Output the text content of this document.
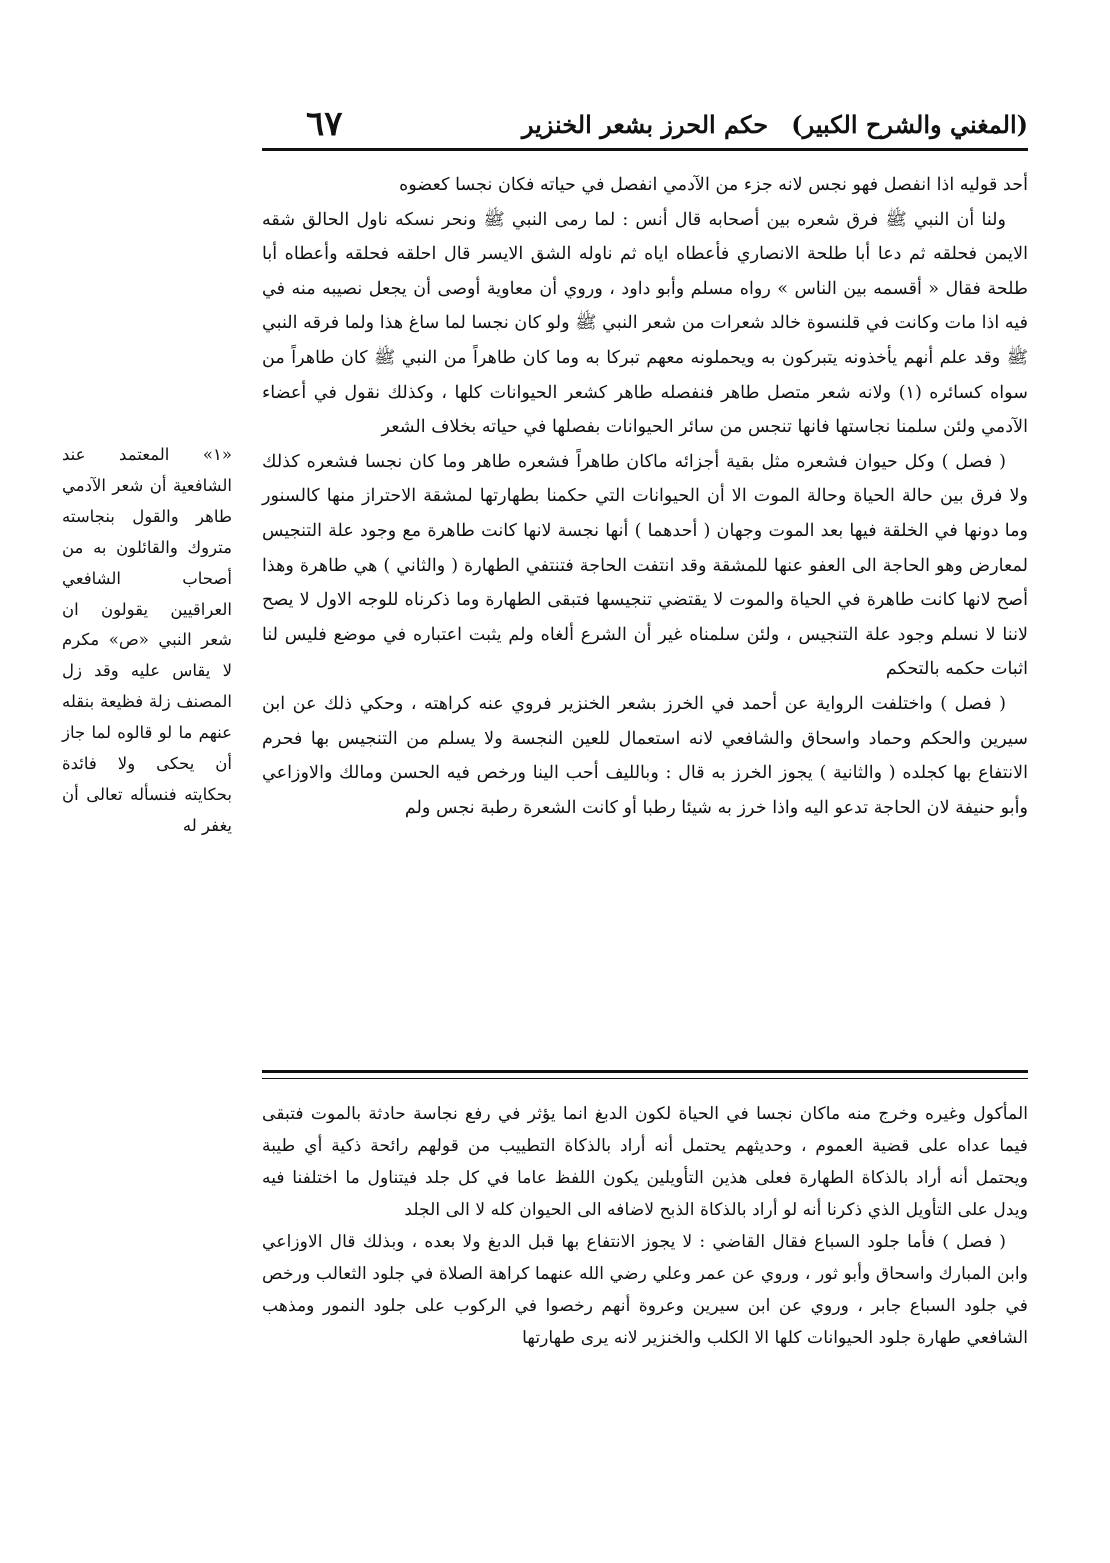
(المغني والشرح الكبير)
حكم الحرز بشعر الخنزير
٦٧

أحد قوليه اذا انفصل فهو نجس لانه جزء من الآدمي انفصل في حياته فكان نجسا كعضوه

ولنا أن النبي ﷺ فرق شعره بين أصحابه قال أنس : لما رمى النبي ﷺ ونحر نسكه ناول الحالق شقه الايمن فحلقه ثم دعا أبا طلحة الانصاري فأعطاه اياه ثم ناوله الشق الايسر قال احلقه فحلقه وأعطاه أبا طلحة فقال « أقسمه بين الناس » رواه مسلم وأبو داود ، وروي أن معاوية أوصى أن يجعل نصيبه منه في فيه اذا مات وكانت في قلنسوة خالد شعرات من شعر النبي ﷺ ولو كان نجسا لما ساغ هذا ولما فرقه النبي ﷺ وقد علم أنهم يأخذونه يتبركون به ويحملونه معهم تبركا به وما كان طاهراً من النبي ﷺ كان طاهراً من سواه كسائره (١) ولانه شعر متصل طاهر فنفصله طاهر كشعر الحيوانات كلها ، وكذلك نقول في أعضاء الآدمي ولئن سلمنا نجاستها فانها تنجس من سائر الحيوانات بفصلها في حياته بخلاف الشعر

( فصل ) وكل حيوان فشعره مثل بقية أجزائه ماكان طاهراً فشعره طاهر وما كان نجسا فشعره كذلك ولا فرق بين حالة الحياة وحالة الموت الا أن الحيوانات التي حكمنا بطهارتها لمشقة الاحتراز منها كالسنور وما دونها في الخلقة فيها بعد الموت وجهان ( أحدهما ) أنها نجسة لانها كانت طاهرة مع وجود علة التنجيس لمعارض وهو الحاجة الى العفو عنها للمشقة وقد انتفت الحاجة فتنتفي الطهارة ( والثاني ) هي طاهرة وهذا أصح لانها كانت طاهرة في الحياة والموت لا يقتضي تنجيسها فتبقى الطهارة وما ذكرناه للوجه الاول لا يصح لاننا لا نسلم وجود علة التنجيس ، ولئن سلمناه غير أن الشرع ألغاه ولم يثبت اعتباره في موضع فليس لنا اثبات حكمه بالتحكم

( فصل ) واختلفت الرواية عن أحمد في الخرز بشعر الخنزير فروي عنه كراهته ، وحكي ذلك عن ابن سيرين والحكم وحماد واسحاق والشافعي لانه استعمال للعين النجسة ولا يسلم من التنجيس بها فحرم الانتفاع بها كجلده ( والثانية ) يجوز الخرز به قال : وبالليف أحب الينا ورخص فيه الحسن ومالك والاوزاعي وأبو حنيفة لان الحاجة تدعو اليه واذا خرز به شيئا رطبا أو كانت الشعرة رطبة نجس ولم

«١» المعتمد عند الشافعية أن شعر الآدمي طاهر والقول بنجاسته متروك والقائلون به من أصحاب الشافعي العراقيين يقولون ان شعر النبي «ص» مكرم لا يقاس عليه وقد زل المصنف زلة فظيعة بنقله عنهم ما لو قالوه لما جاز أن يحكى ولا فائدة بحكايته فنسأله تعالى أن يغفر له

المأكول وغيره وخرج منه ماكان نجسا في الحياة لكون الدبغ انما يؤثر في رفع نجاسة حادثة بالموت فتبقى فيما عداه على قضية العموم ، وحديثهم يحتمل أنه أراد بالذكاة التطييب من قولهم رائحة ذكية أي طيبة ويحتمل أنه أراد بالذكاة الطهارة فعلى هذين التأويلين يكون اللفظ عاما في كل جلد فيتناول ما اختلفنا فيه ويدل على التأويل الذي ذكرنا أنه لو أراد بالذكاة الذبح لاضافه الى الحيوان كله لا الى الجلد

( فصل ) فأما جلود السباع فقال القاضي : لا يجوز الانتفاع بها قبل الدبغ ولا بعده ، وبذلك قال الاوزاعي وابن المبارك واسحاق وأبو ثور ، وروي عن عمر وعلي رضي الله عنهما كراهة الصلاة في جلود الثعالب ورخص في جلود السباع جابر ، وروي عن ابن سيرين وعروة أنهم رخصوا في الركوب على جلود النمور ومذهب الشافعي طهارة جلود الحيوانات كلها الا الكلب والخنزير لانه يرى طهارتها
